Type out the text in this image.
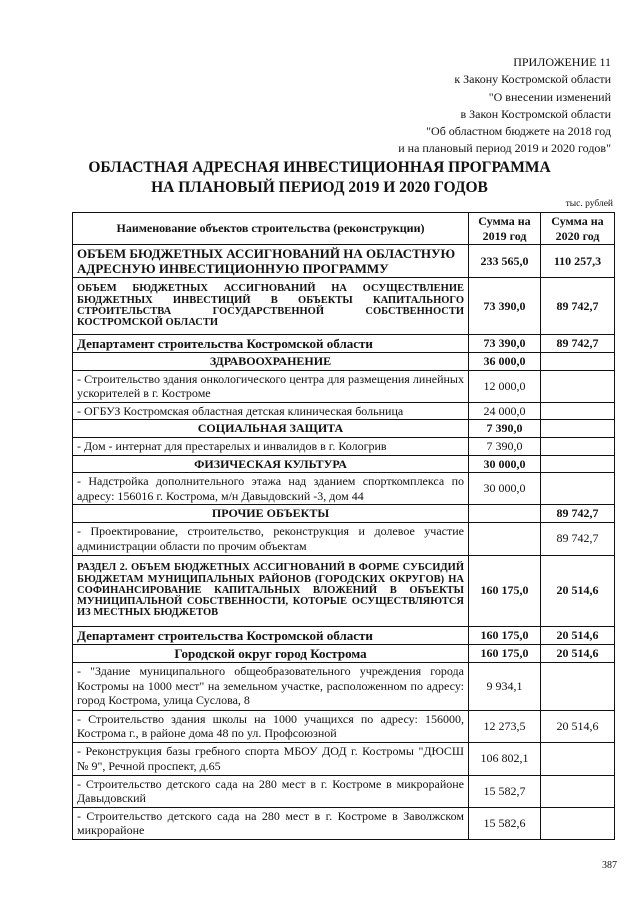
ПРИЛОЖЕНИЕ 11
к Закону Костромской области
"О внесении изменений
в Закон Костромской области
"Об областном бюджете на 2018 год
и на плановый период 2019 и 2020 годов"
ОБЛАСТНАЯ АДРЕСНАЯ ИНВЕСТИЦИОННАЯ ПРОГРАММА
НА ПЛАНОВЫЙ ПЕРИОД 2019 И 2020 ГОДОВ
тыс. рублей
Наименование объектов строительства (реконструкции)	Сумма на 2019 год	Сумма на 2020 год
ОБЪЕМ БЮДЖЕТНЫХ АССИГНОВАНИЙ НА ОБЛАСТНУЮ АДРЕСНУЮ ИНВЕСТИЦИОННУЮ ПРОГРАММУ	233 565,0	110 257,3
ОБЪЕМ БЮДЖЕТНЫХ АССИГНОВАНИЙ НА ОСУЩЕСТВЛЕНИЕ БЮДЖЕТНЫХ ИНВЕСТИЦИЙ В ОБЪЕКТЫ КАПИТАЛЬНОГО СТРОИТЕЛЬСТВА ГОСУДАРСТВЕННОЙ СОБСТВЕННОСТИ КОСТРОМСКОЙ ОБЛАСТИ	73 390,0	89 742,7
Департамент строительства Костромской области	73 390,0	89 742,7
ЗДРАВООХРАНЕНИЕ	36 000,0	
- Строительство здания онкологического центра для размещения линейных ускорителей в г. Костроме	12 000,0	
- ОГБУЗ Костромская областная детская клиническая больница	24 000,0	
СОЦИАЛЬНАЯ ЗАЩИТА	7 390,0	
- Дом - интернат для престарелых и инвалидов в г. Кологрив	7 390,0	
ФИЗИЧЕСКАЯ КУЛЬТУРА	30 000,0	
- Надстройка дополнительного этажа над зданием спорткомплекса по адресу: 156016 г. Кострома, м/н Давыдовский -3, дом 44	30 000,0	
ПРОЧИЕ ОБЪЕКТЫ		89 742,7
- Проектирование, строительство, реконструкция и долевое участие администрации области по прочим объектам		89 742,7
РАЗДЕЛ 2. ОБЪЕМ БЮДЖЕТНЫХ АССИГНОВАНИЙ В ФОРМЕ СУБСИДИЙ БЮДЖЕТАМ МУНИЦИПАЛЬНЫХ РАЙОНОВ (ГОРОДСКИХ ОКРУГОВ) НА СОФИНАНСИРОВАНИЕ КАПИТАЛЬНЫХ ВЛОЖЕНИЙ В ОБЪЕКТЫ МУНИЦИПАЛЬНОЙ СОБСТВЕННОСТИ, КОТОРЫЕ ОСУЩЕСТВЛЯЮТСЯ ИЗ МЕСТНЫХ БЮДЖЕТОВ	160 175,0	20 514,6
Департамент строительства Костромской области	160 175,0	20 514,6
Городской округ город Кострома	160 175,0	20 514,6
- "Здание муниципального общеобразовательного учреждения города Костромы на 1000 мест" на земельном участке, расположенном по адресу: город Кострома, улица Суслова, 8	9 934,1	
- Строительство здания школы на 1000 учащихся по адресу: 156000, Кострома г., в районе дома 48 по ул. Профсоюзной	12 273,5	20 514,6
- Реконструкция базы гребного спорта МБОУ ДОД г. Костромы "ДЮСШ № 9", Речной проспект, д.65	106 802,1	
- Строительство детского сада на 280 мест в г. Костроме в микрорайоне Давыдовский	15 582,7	
- Строительство детского сада на 280 мест в г. Костроме в Заволжском микрорайоне	15 582,6	
387
